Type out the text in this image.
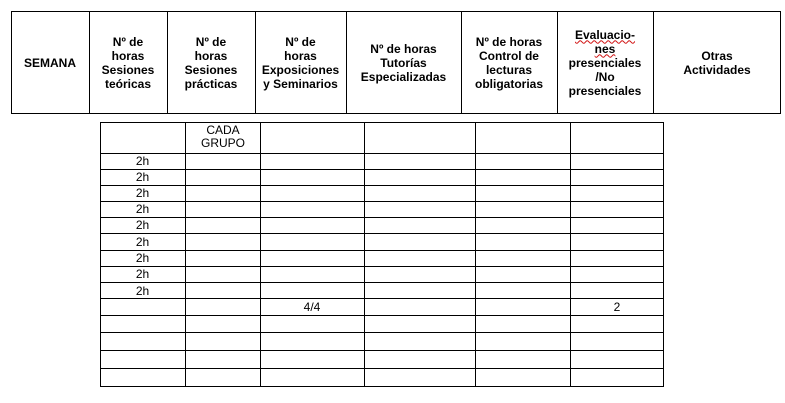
SEMANA
Nº de
horas
Sesiones
teóricas
Nº de
horas
Sesiones
prácticas
Nº de
horas
Exposiciones
y Seminarios
Nº de horas
Tutorías
Especializadas
Nº de horas
Control de
lecturas
obligatorias
Evaluacio-
nes
presenciales
/No
presenciales
Otras
Actividades
CADA
GRUPO
2h
2h
2h
2h
2h
2h
2h
2h
2h
4/4	2
